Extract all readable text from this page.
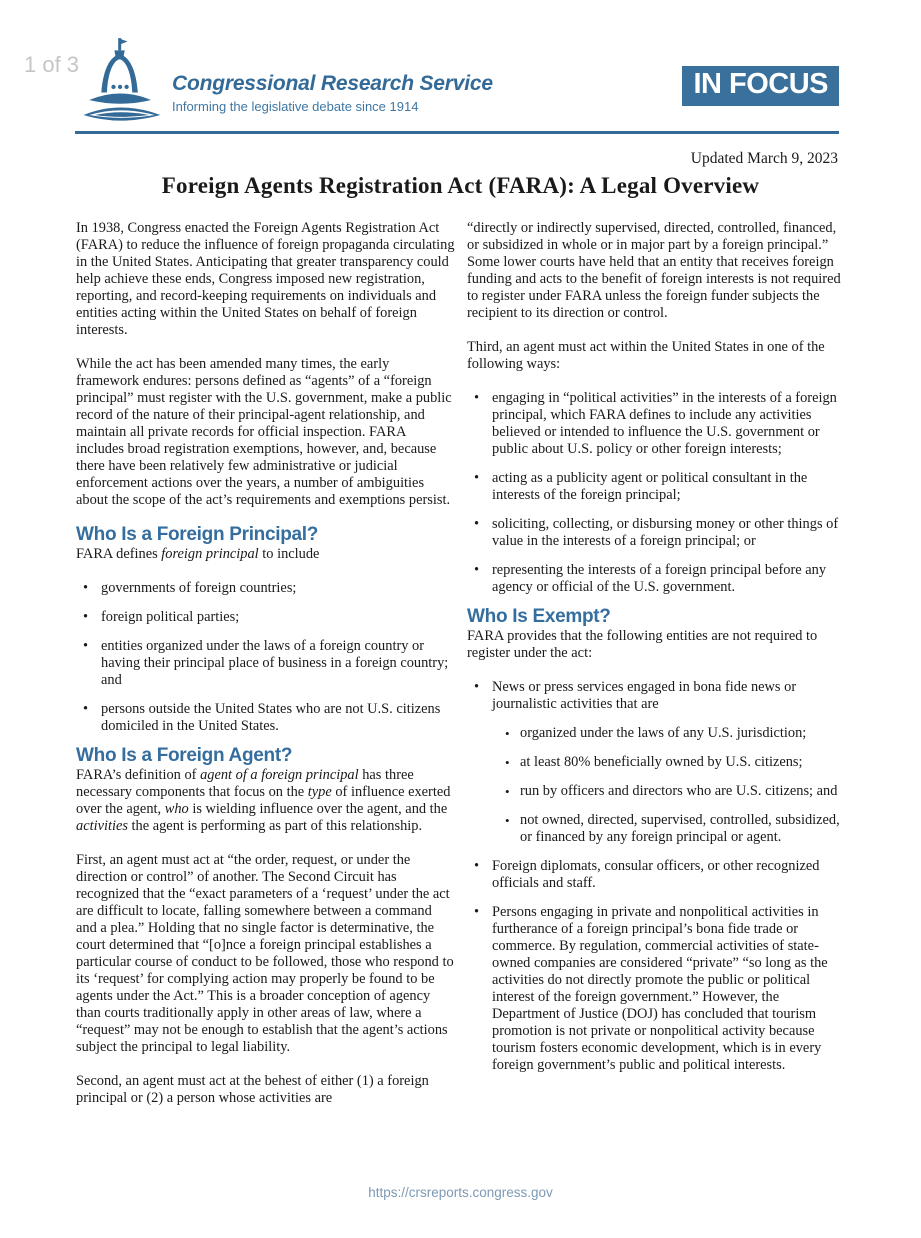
1 of 3
Congressional Research Service
Informing the legislative debate since 1914
IN FOCUS
Updated March 9, 2023
Foreign Agents Registration Act (FARA): A Legal Overview

In 1938, Congress enacted the Foreign Agents Registration Act (FARA) to reduce the influence of foreign propaganda circulating in the United States. Anticipating that greater transparency could help achieve these ends, Congress imposed new registration, reporting, and record-keeping requirements on individuals and entities acting within the United States on behalf of foreign interests.

While the act has been amended many times, the early framework endures: persons defined as “agents” of a “foreign principal” must register with the U.S. government, make a public record of the nature of their principal-agent relationship, and maintain all private records for official inspection. FARA includes broad registration exemptions, however, and, because there have been relatively few administrative or judicial enforcement actions over the years, a number of ambiguities about the scope of the act’s requirements and exemptions persist.

Who Is a Foreign Principal?

FARA defines foreign principal to include

• governments of foreign countries;
• foreign political parties;
• entities organized under the laws of a foreign country or having their principal place of business in a foreign country; and
• persons outside the United States who are not U.S. citizens domiciled in the United States.
Who Is a Foreign Agent?

FARA’s definition of agent of a foreign principal has three necessary components that focus on the type of influence exerted over the agent, who is wielding influence over the agent, and the activities the agent is performing as part of this relationship.

First, an agent must act at “the order, request, or under the direction or control” of another. The Second Circuit has recognized that the “exact parameters of a ‘request’ under the act are difficult to locate, falling somewhere between a command and a plea.” Holding that no single factor is determinative, the court determined that “[o]nce a foreign principal establishes a particular course of conduct to be followed, those who respond to its ‘request’ for complying action may properly be found to be agents under the Act.” This is a broader conception of agency than courts traditionally apply in other areas of law, where a “request” may not be enough to establish that the agent’s actions subject the principal to legal liability.

Second, an agent must act at the behest of either (1) a foreign principal or (2) a person whose activities are

“directly or indirectly supervised, directed, controlled, financed, or subsidized in whole or in major part by a foreign principal.” Some lower courts have held that an entity that receives foreign funding and acts to the benefit of foreign interests is not required to register under FARA unless the foreign funder subjects the recipient to its direction or control.

Third, an agent must act within the United States in one of the following ways:

• engaging in “political activities” in the interests of a foreign principal, which FARA defines to include any activities believed or intended to influence the U.S. government or public about U.S. policy or other foreign interests;
• acting as a publicity agent or political consultant in the interests of the foreign principal;
• soliciting, collecting, or disbursing money or other things of value in the interests of a foreign principal; or
• representing the interests of a foreign principal before any agency or official of the U.S. government.
Who Is Exempt?

FARA provides that the following entities are not required to register under the act:

• News or press services engaged in bona fide news or journalistic activities that are
• organized under the laws of any U.S. jurisdiction;
• at least 80% beneficially owned by U.S. citizens;
• run by officers and directors who are U.S. citizens; and
• not owned, directed, supervised, controlled, subsidized, or financed by any foreign principal or agent.
• Foreign diplomats, consular officers, or other recognized officials and staff.
• Persons engaging in private and nonpolitical activities in furtherance of a foreign principal’s bona fide trade or commerce. By regulation, commercial activities of state-owned companies are considered “private” “so long as the activities do not directly promote the public or political interest of the foreign government.” However, the Department of Justice (DOJ) has concluded that tourism promotion is not private or nonpolitical activity because tourism fosters economic development, which is in every foreign government’s public and political interests.
https://crsreports.congress.gov
